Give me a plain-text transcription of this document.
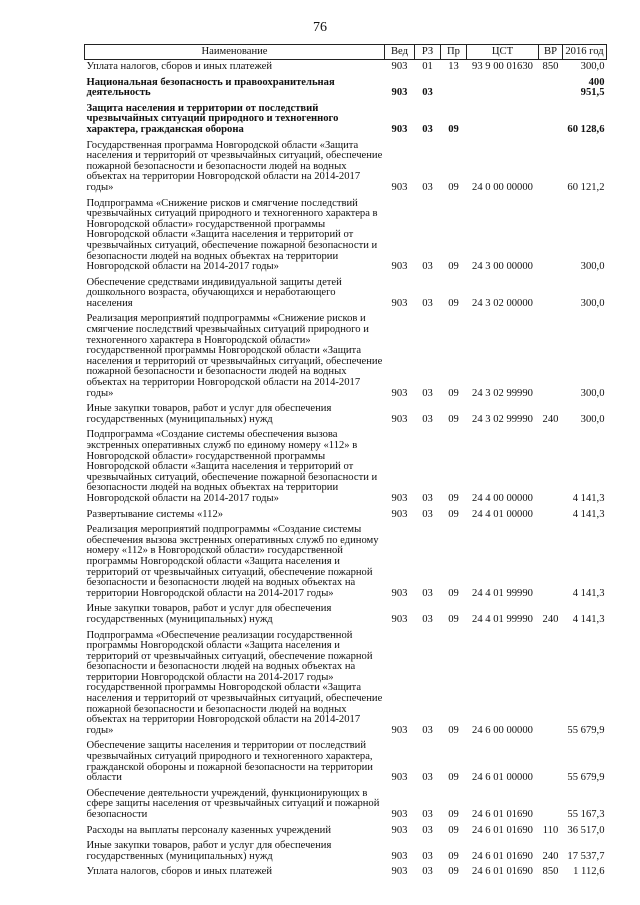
76
Наименование	Вед	РЗ	Пр	ЦСТ	ВР	2016 год
Уплата налогов, сборов и иных платежей	903	01	13	93 9 00 01630	850	300,0
Национальная безопасность и правоохранительная деятельность	903	03				400 951,5
Защита населения и территории от последствий чрезвычайных ситуаций природного и техногенного характера, гражданская оборона	903	03	09			60 128,6
Государственная программа Новгородской области «Защита населения и территорий от чрезвычайных ситуаций, обеспечение пожарной безопасности и безопасности людей на водных объектах на территории Новгородской области на 2014-2017 годы»	903	03	09	24 0 00 00000		60 121,2
Подпрограмма «Снижение рисков и смягчение последствий чрезвычайных ситуаций природного и техногенного характера в Новгородской области» государственной программы Новгородской области «Защита населения и территорий от чрезвычайных ситуаций, обеспечение пожарной безопасности и безопасности людей на водных объектах на территории Новгородской области на 2014-2017 годы»	903	03	09	24 3 00 00000		300,0
Обеспечение средствами индивидуальной защиты детей дошкольного возраста, обучающихся и неработающего населения	903	03	09	24 3 02 00000		300,0
Реализация мероприятий подпрограммы «Снижение рисков и смягчение последствий чрезвычайных ситуаций природного и техногенного характера в Новгородской области» государственной программы Новгородской области «Защита населения и территорий от чрезвычайных ситуаций, обеспечение пожарной безопасности и безопасности людей на водных объектах на территории Новгородской области на 2014-2017 годы»	903	03	09	24 3 02 99990		300,0
Иные закупки товаров, работ и услуг для обеспечения государственных (муниципальных) нужд	903	03	09	24 3 02 99990	240	300,0
Подпрограмма «Создание системы обеспечения вызова экстренных оперативных служб по единому номеру «112» в Новгородской области» государственной программы Новгородской области «Защита населения и территорий от чрезвычайных ситуаций, обеспечение пожарной безопасности и безопасности людей на водных объектах на территории Новгородской области на 2014-2017 годы»	903	03	09	24 4 00 00000		4 141,3
Развертывание системы «112»	903	03	09	24 4 01 00000		4 141,3
Реализация мероприятий подпрограммы «Создание системы обеспечения вызова экстренных оперативных служб по единому номеру «112» в Новгородской области» государственной программы Новгородской области «Защита населения и территорий от чрезвычайных ситуаций, обеспечение пожарной безопасности и безопасности людей на водных объектах на территории Новгородской области на 2014-2017 годы»	903	03	09	24 4 01 99990		4 141,3
Иные закупки товаров, работ и услуг для обеспечения государственных (муниципальных) нужд	903	03	09	24 4 01 99990	240	4 141,3
Подпрограмма «Обеспечение реализации государственной программы Новгородской области «Защита населения и территорий от чрезвычайных ситуаций, обеспечение пожарной безопасности и безопасности людей на водных объектах на территории Новгородской области на 2014-2017 годы» государственной программы Новгородской области «Защита населения и территорий от чрезвычайных ситуаций, обеспечение пожарной безопасности и безопасности людей на водных объектах на территории Новгородской области на 2014-2017 годы»	903	03	09	24 6 00 00000		55 679,9
Обеспечение защиты населения и территории от последствий чрезвычайных ситуаций природного и техногенного характера, гражданской обороны и пожарной безопасности на территории области	903	03	09	24 6 01 00000		55 679,9
Обеспечение деятельности учреждений, функционирующих в сфере защиты населения от чрезвычайных ситуаций и пожарной безопасности	903	03	09	24 6 01 01690		55 167,3
Расходы на выплаты персоналу казенных учреждений	903	03	09	24 6 01 01690	110	36 517,0
Иные закупки товаров, работ и услуг для обеспечения государственных (муниципальных) нужд	903	03	09	24 6 01 01690	240	17 537,7
Уплата налогов, сборов и иных платежей	903	03	09	24 6 01 01690	850	1 112,6
